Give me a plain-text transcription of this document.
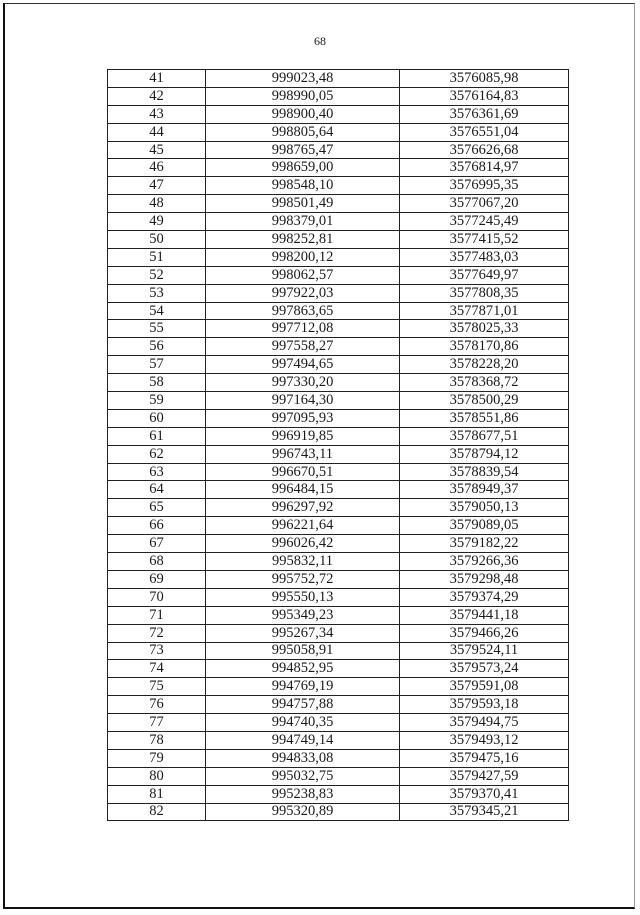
68
41	999023,48	3576085,98
42	998990,05	3576164,83
43	998900,40	3576361,69
44	998805,64	3576551,04
45	998765,47	3576626,68
46	998659,00	3576814,97
47	998548,10	3576995,35
48	998501,49	3577067,20
49	998379,01	3577245,49
50	998252,81	3577415,52
51	998200,12	3577483,03
52	998062,57	3577649,97
53	997922,03	3577808,35
54	997863,65	3577871,01
55	997712,08	3578025,33
56	997558,27	3578170,86
57	997494,65	3578228,20
58	997330,20	3578368,72
59	997164,30	3578500,29
60	997095,93	3578551,86
61	996919,85	3578677,51
62	996743,11	3578794,12
63	996670,51	3578839,54
64	996484,15	3578949,37
65	996297,92	3579050,13
66	996221,64	3579089,05
67	996026,42	3579182,22
68	995832,11	3579266,36
69	995752,72	3579298,48
70	995550,13	3579374,29
71	995349,23	3579441,18
72	995267,34	3579466,26
73	995058,91	3579524,11
74	994852,95	3579573,24
75	994769,19	3579591,08
76	994757,88	3579593,18
77	994740,35	3579494,75
78	994749,14	3579493,12
79	994833,08	3579475,16
80	995032,75	3579427,59
81	995238,83	3579370,41
82	995320,89	3579345,21
